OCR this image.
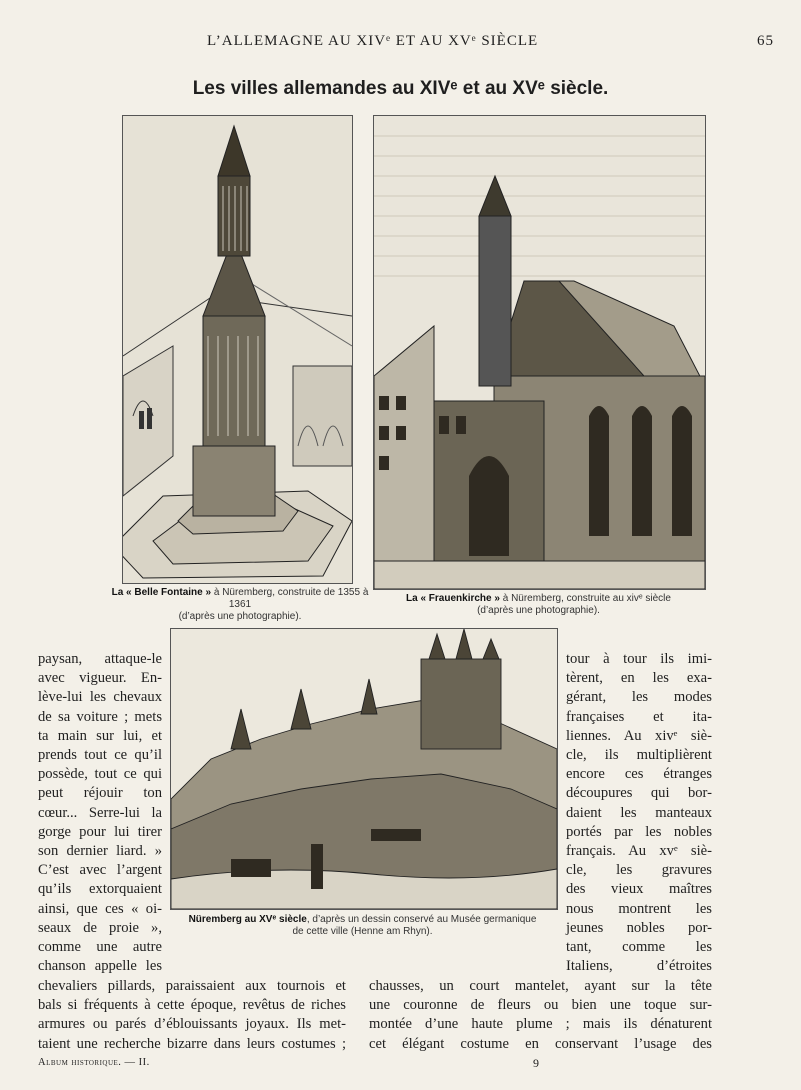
L’ALLEMAGNE AU XIVᵉ ET AU XVᵉ SIÈCLE	65
Les villes allemandes au XIVᵉ et au XVᵉ siècle.
La « Belle Fontaine » à Nüremberg, construite de 1355 à 1361
(d’après une photographie).
La « Frauenkirche » à Nüremberg, construite au xivᵉ siècle
(d’après une photographie).
Nüremberg au XVᵉ siècle, d’après un dessin conservé au Musée germanique
de cette ville (Henne am Rhyn).
paysan, attaque-le
avec vigueur. En-
lève-lui les chevaux
de sa voiture ; mets
ta main sur lui, et
prends tout ce qu’il
possède, tout ce qui
peut réjouir ton
cœur... Serre-lui la
gorge pour lui tirer
son dernier liard. »
C’est avec l’argent
qu’ils extorquaient
ainsi, que ces « oi-
seaux de proie »,
comme une autre
chanson appelle les
tour à tour ils imi-
tèrent, en les exa-
gérant, les modes
françaises et ita-
liennes. Au xivᵉ siè-
cle, ils multiplièrent
encore ces étranges
découpures qui bor-
daient les manteaux
portés par les nobles
français. Au xvᵉ siè-
cle, les gravures
des vieux maîtres
nous montrent les
jeunes nobles por-
tant, comme les
Italiens, d’étroites
chevaliers pillards, paraissaient aux tournois et
bals si fréquents à cette époque, revêtus de riches
armures ou parés d’éblouissants joyaux. Ils met-
taient une recherche bizarre dans leurs costumes ;
chausses, un court mantelet, ayant sur la tête
une couronne de fleurs ou bien une toque sur-
montée d’une haute plume ; mais ils dénaturent
cet élégant costume en conservant l’usage des
Album historique. — II.	9
